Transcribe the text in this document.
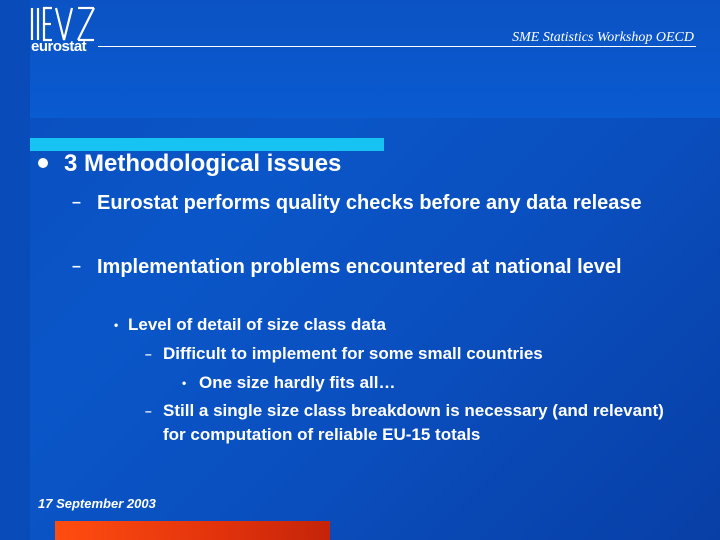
eurostat
SME Statistics Workshop OECD
3 Methodological issues
– Eurostat performs quality checks before any data release
– Implementation problems encountered at national level
• Level of detail of size class data
– Difficult to implement for some small countries
• One size hardly fits all…
– Still a single size class breakdown is necessary (and relevant) for computation of reliable EU-15 totals
17 September 2003
